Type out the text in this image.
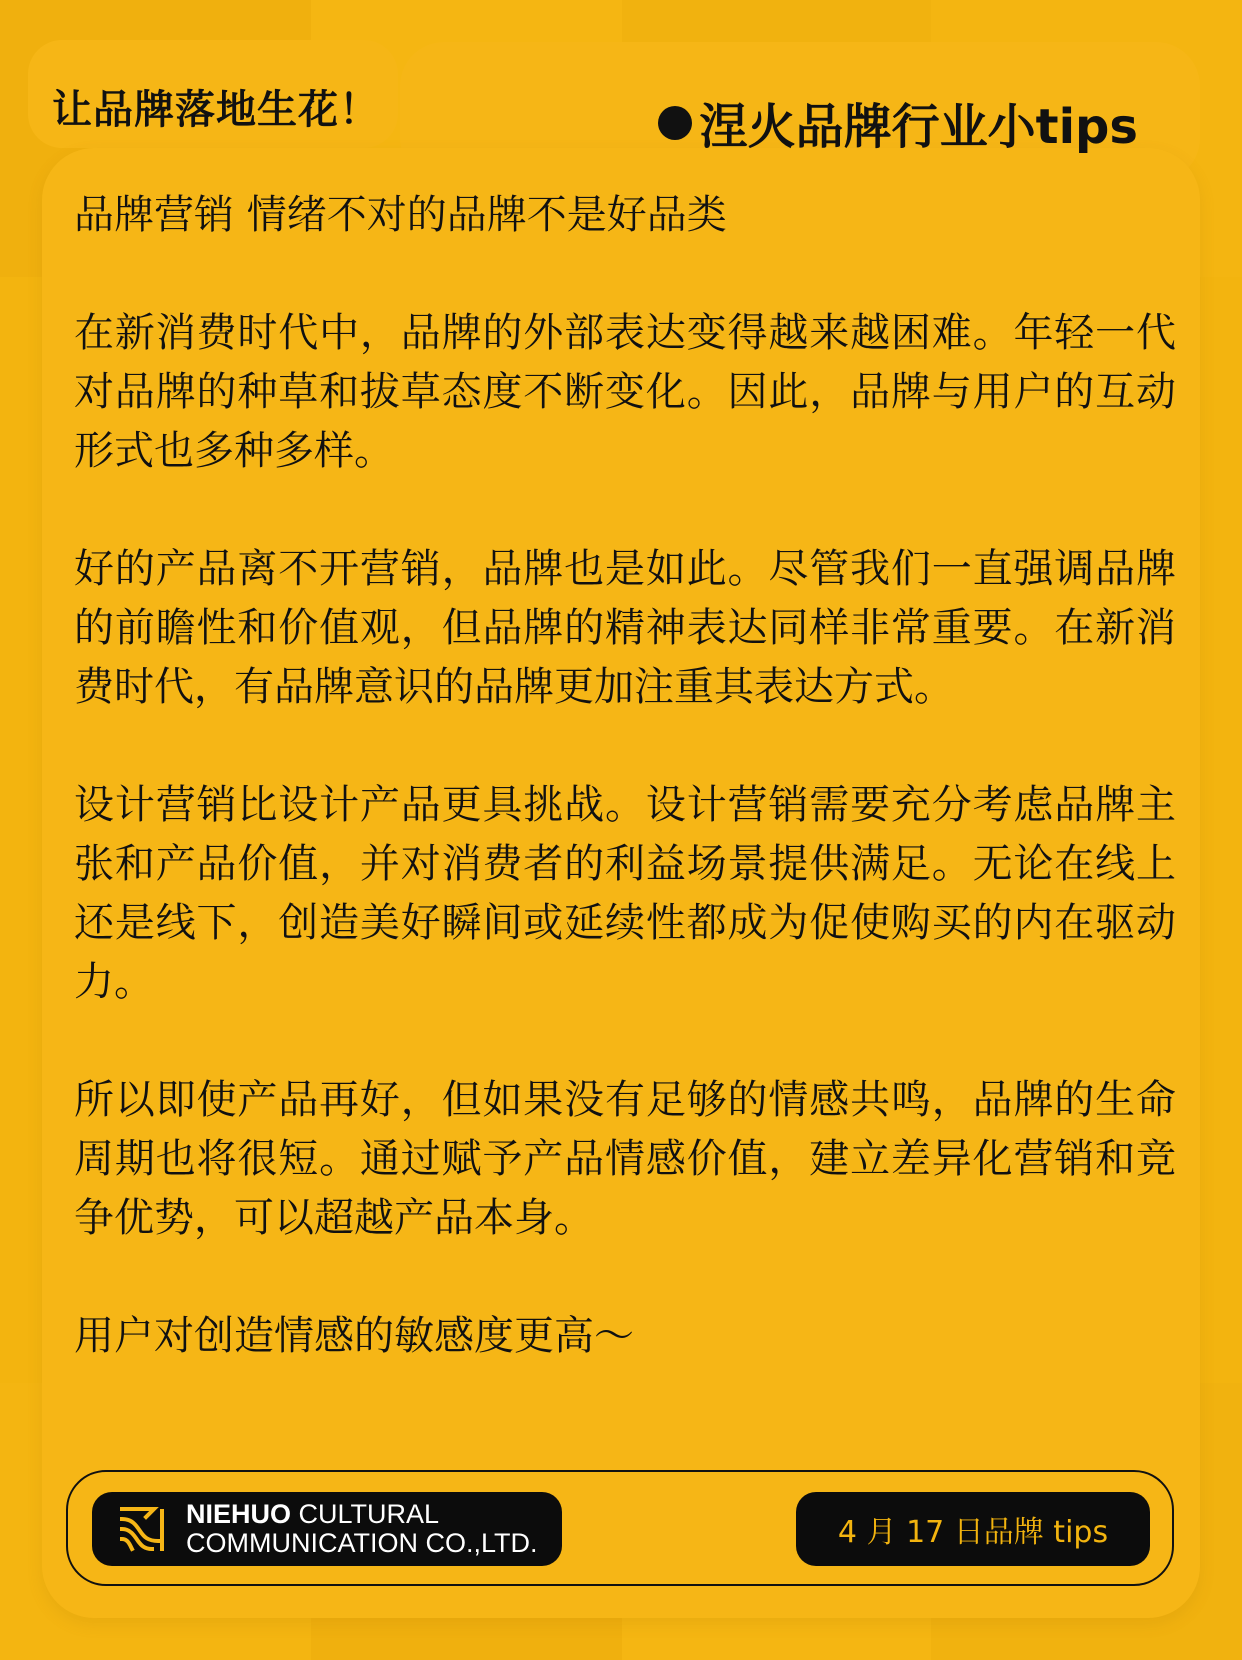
让品牌落地生花！	涅火品牌行业小tips

品牌营销 情绪不对的品牌不是好品类

在新消费时代中，品牌的外部表达变得越来越困难。年轻一代对品牌的种草和拔草态度不断变化。因此，品牌与用户的互动形式也多种多样。

好的产品离不开营销，品牌也是如此。尽管我们一直强调品牌的前瞻性和价值观，但品牌的精神表达同样非常重要。在新消费时代，有品牌意识的品牌更加注重其表达方式。

设计营销比设计产品更具挑战。设计营销需要充分考虑品牌主张和产品价值，并对消费者的利益场景提供满足。无论在线上还是线下，创造美好瞬间或延续性都成为促使购买的内在驱动力。

所以即使产品再好，但如果没有足够的情感共鸣，品牌的生命周期也将很短。通过赋予产品情感价值，建立差异化营销和竞争优势，可以超越产品本身。

用户对创造情感的敏感度更高～

NIEHUO CULTURAL
COMMUNICATION CO.,LTD.	4 月 17 日品牌 tips
